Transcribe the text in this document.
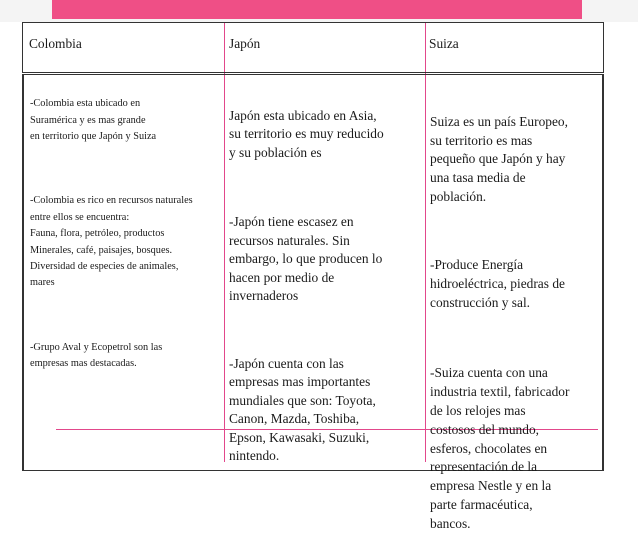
Colombia	Japón	Suiza

-Colombia esta ubicado en
Suramérica y es mas grande
en territorio que Japón y Suiza

-Colombia es rico en recursos naturales
entre ellos se encuentra:
Fauna, flora, petróleo, productos
Minerales, café, paisajes, bosques.
Diversidad de especies de animales,
mares

-Grupo Aval y Ecopetrol son las
empresas mas destacadas.

Japón esta ubicado en Asia,
su territorio es muy reducido
y su población es

-Japón tiene escasez en
recursos naturales. Sin
embargo, lo que producen lo
hacen por medio de
invernaderos

-Japón cuenta con las
empresas mas importantes
mundiales que son: Toyota,
Canon, Mazda, Toshiba,
Epson, Kawasaki, Suzuki,
nintendo.

Suiza es un país Europeo,
su territorio es mas
pequeño que Japón y hay
una tasa media de
población.

-Produce Energía
hidroeléctrica, piedras de
construcción y sal.

-Suiza cuenta con una
industria textil, fabricador
de los relojes mas
costosos del mundo,
esferos, chocolates en
representación de la
empresa Nestle y en la
parte farmacéutica,
bancos.
